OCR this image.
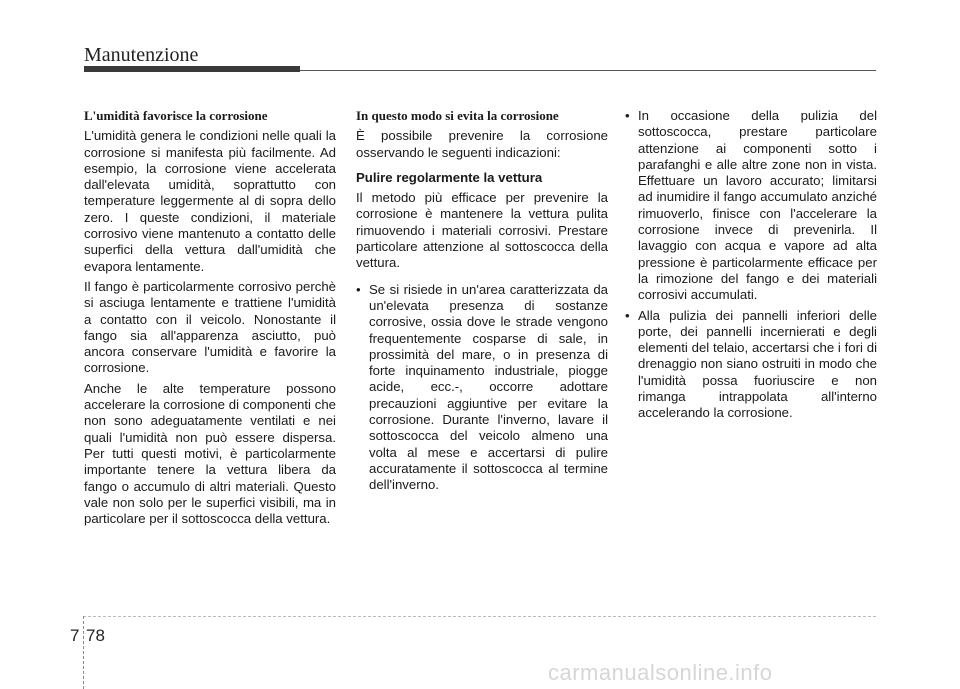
Manutenzione
L'umidità favorisce la corrosione

L'umidità genera le condizioni nelle quali la corrosione si manifesta più facilmente. Ad esempio, la corrosione viene accelerata dall'elevata umidità, soprattutto con temperature leggermente al di sopra dello zero. I queste condizioni, il materiale corrosivo viene mantenuto a contatto delle superfici della vettura dall'umidità che evapora lentamente.

Il fango è particolarmente corrosivo perchè si asciuga lentamente e trattiene l'umidità a contatto con il veicolo. Nonostante il fango sia all'apparenza asciutto, può ancora conservare l'umidità e favorire la corrosione.

Anche le alte temperature possono accelerare la corrosione di componenti che non sono adeguatamente ventilati e nei quali l'umidità non può essere dispersa. Per tutti questi motivi, è particolarmente importante tenere la vettura libera da fango o accumulo di altri materiali. Questo vale non solo per le superfici visibili, ma in particolare per il sottoscocca della vettura.

In questo modo si evita la corrosione

È possibile prevenire la corrosione osservando le seguenti indicazioni:

Pulire regolarmente la vettura

Il metodo più efficace per prevenire la corrosione è mantenere la vettura pulita rimuovendo i materiali corrosivi. Prestare particolare attenzione al sottoscocca della vettura.

• Se si risiede in un'area caratterizzata da un'elevata presenza di sostanze corrosive, ossia dove le strade vengono frequentemente cosparse di sale, in prossimità del mare, o in presenza di forte inquinamento industriale, piogge acide, ecc.-, occorre adottare precauzioni aggiuntive per evitare la corrosione. Durante l'inverno, lavare il sottoscocca del veicolo almeno una volta al mese e accertarsi di pulire accuratamente il sottoscocca al termine dell'inverno.
• In occasione della pulizia del sottoscocca, prestare particolare attenzione ai componenti sotto i parafanghi e alle altre zone non in vista. Effettuare un lavoro accurato; limitarsi ad inumidire il fango accumulato anziché rimuoverlo, finisce con l'accelerare la corrosione invece di prevenirla. Il lavaggio con acqua e vapore ad alta pressione è particolarmente efficace per la rimozione del fango e dei materiali corrosivi accumulati.
• Alla pulizia dei pannelli inferiori delle porte, dei pannelli incernierati e degli elementi del telaio, accertarsi che i fori di drenaggio non siano ostruiti in modo che l'umidità possa fuoriuscire e non rimanga intrappolata all'interno accelerando la corrosione.
7 78
carmanualsonline.info
